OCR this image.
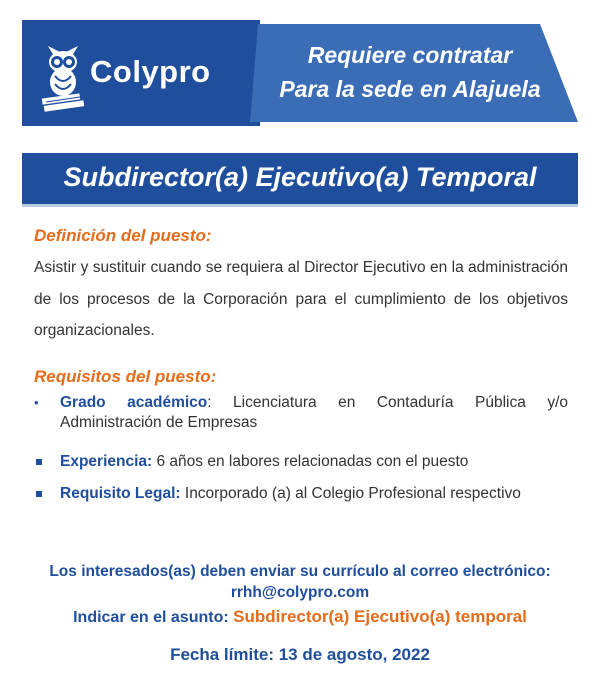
Colypro	Requiere contratar
Para la sede en Alajuela
Subdirector(a) Ejecutivo(a) Temporal
Definición del puesto:
Asistir y sustituir cuando se requiera al Director Ejecutivo en la administración de los procesos de la Corporación para el cumplimiento de los objetivos organizacionales.
Requisitos del puesto:
• Grado académico: Licenciatura en Contaduría Pública y/o Administración de Empresas
Experiencia: 6 años en labores relacionadas con el puesto
Requisito Legal: Incorporado (a) al Colegio Profesional respectivo
Los interesados(as) deben enviar su currículo al correo electrónico:
rrhh@colypro.com
Indicar en el asunto: Subdirector(a) Ejecutivo(a) temporal
Fecha límite: 13 de agosto, 2022
